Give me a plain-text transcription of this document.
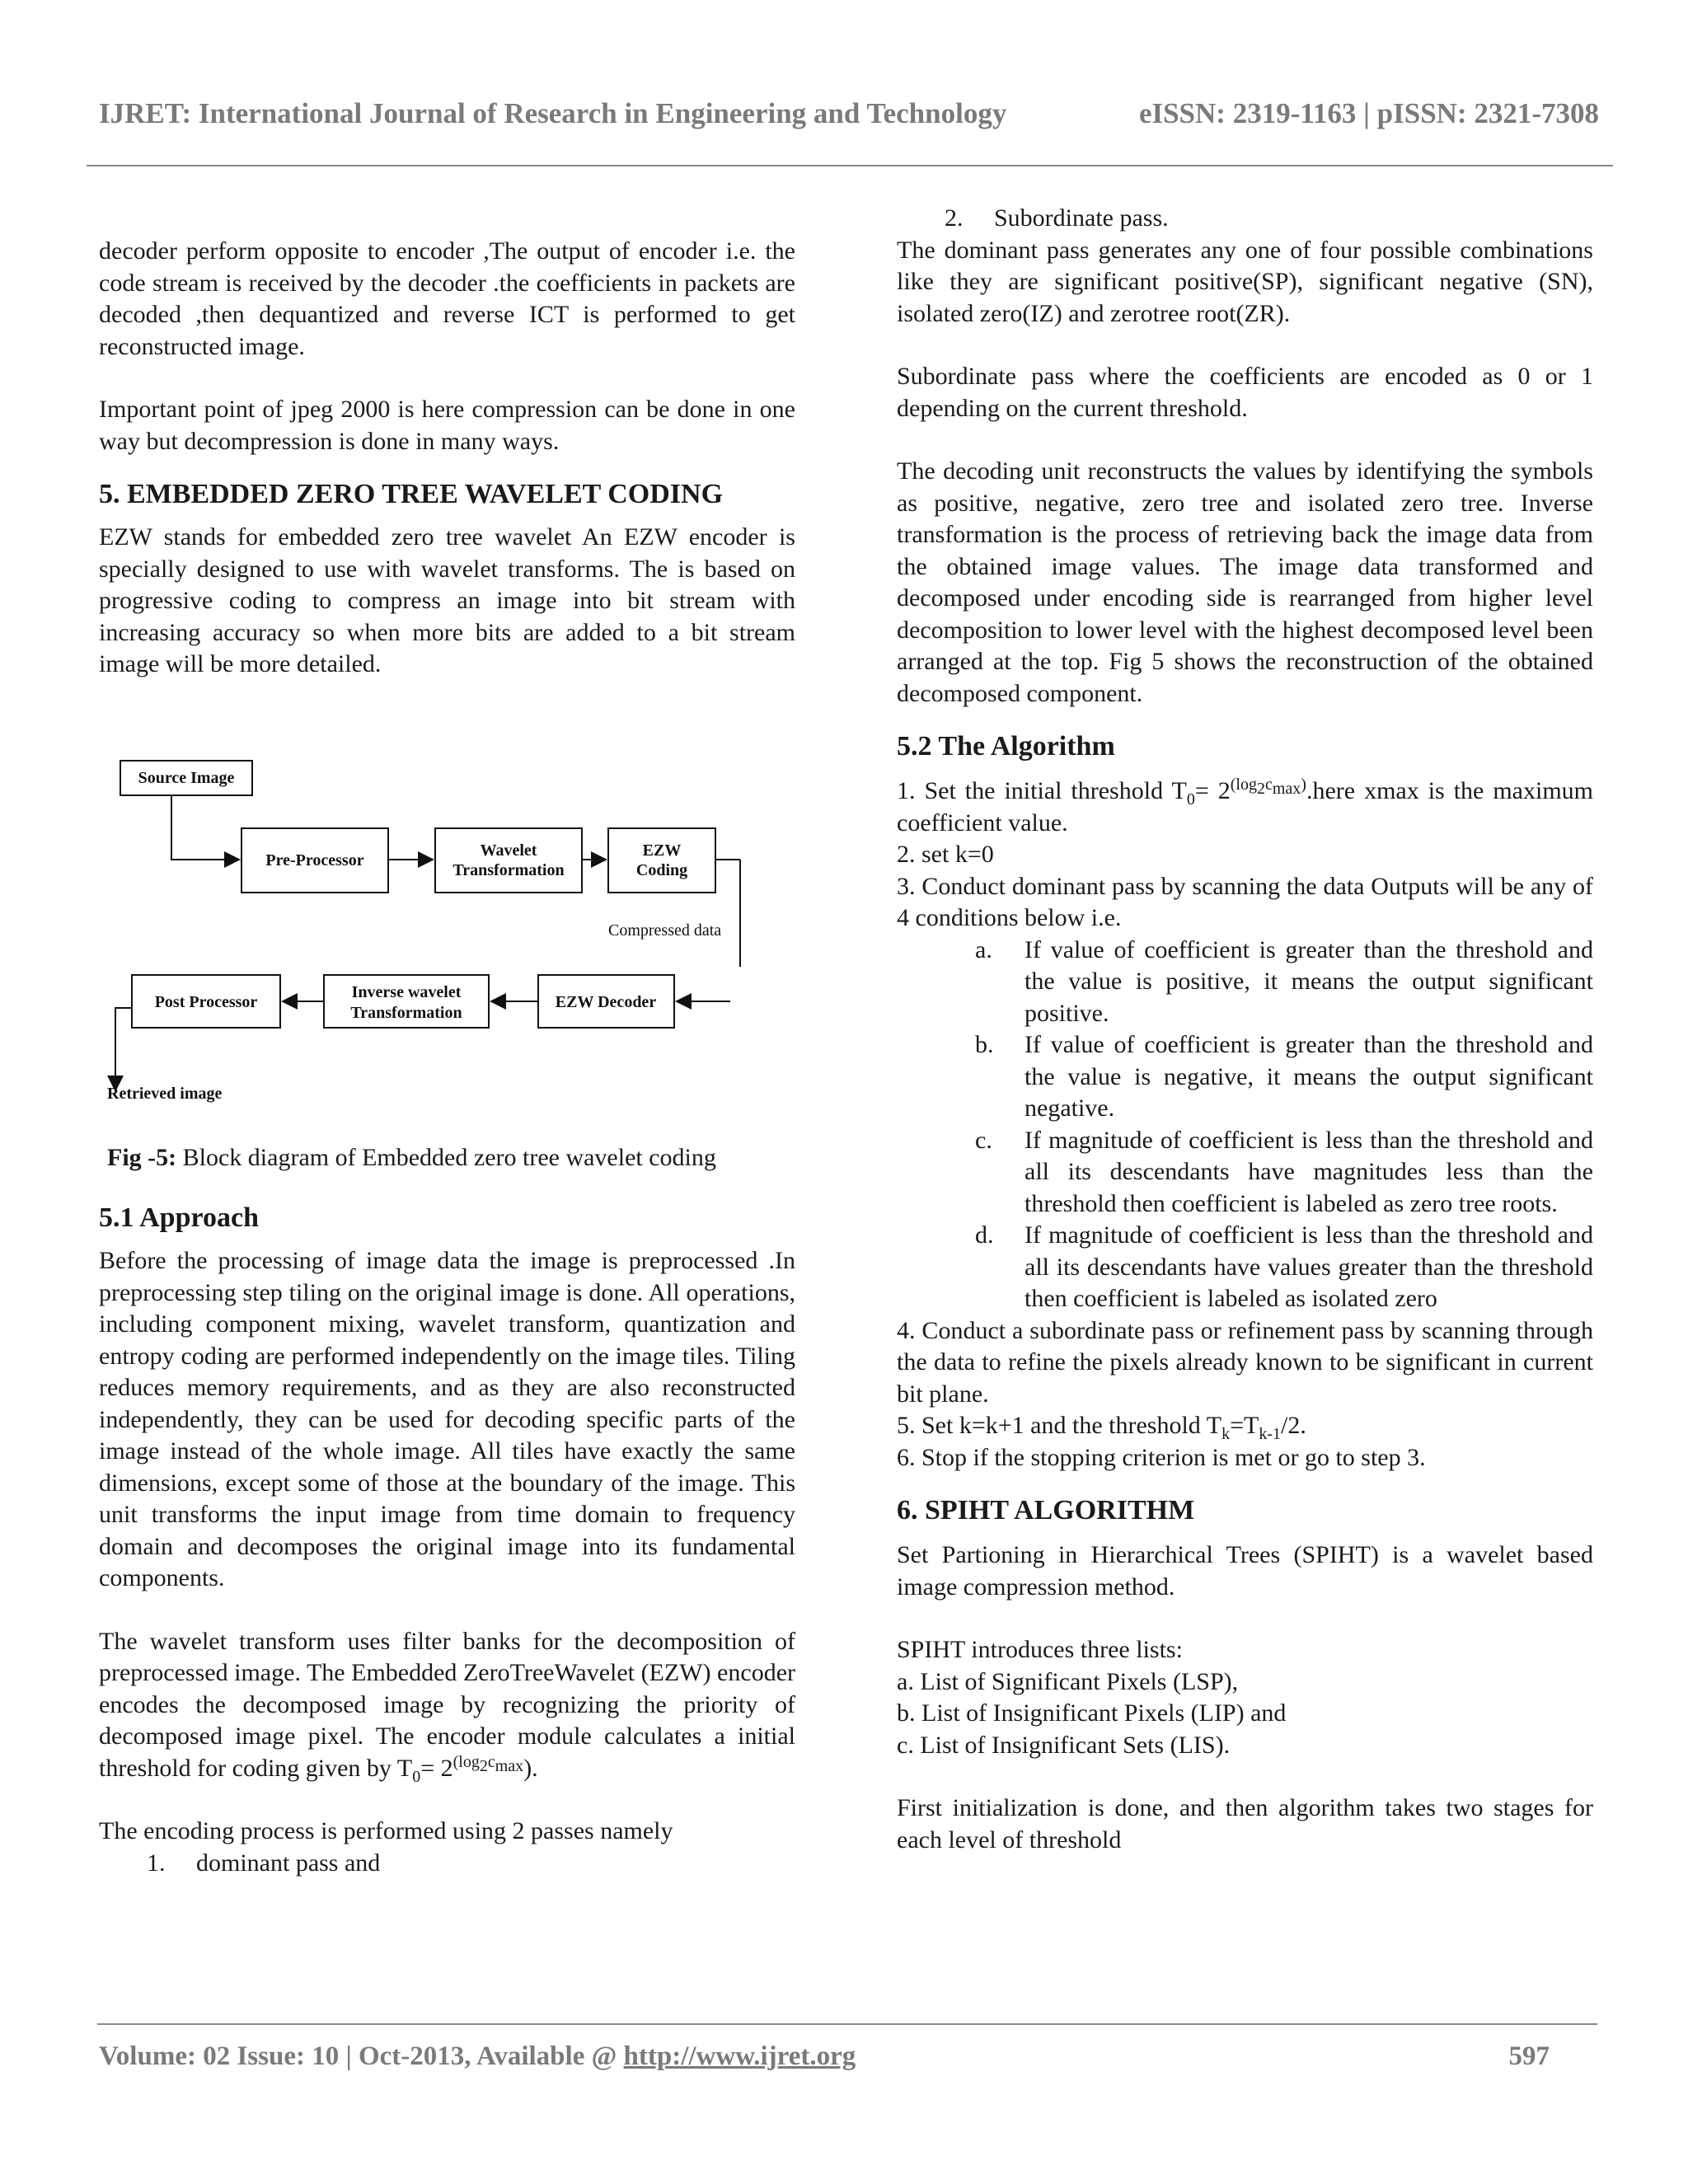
IJRET: International Journal of Research in Engineering and Technology	eISSN: 2319-1163 | pISSN: 2321-7308

decoder perform opposite to encoder ,The output of encoder i.e. the code stream is received by the decoder .the coefficients in packets are decoded ,then dequantized and reverse ICT is performed to get reconstructed image.

Important point of jpeg 2000 is here compression can be done in one way but decompression is done in many ways.

5. EMBEDDED ZERO TREE WAVELET CODING

EZW stands for embedded zero tree wavelet An EZW encoder is specially designed to use with wavelet transforms. The is based on progressive coding to compress an image into bit stream with increasing accuracy so when more bits are added to a bit stream image will be more detailed.

Source Image
Pre-Processor
Wavelet
Transformation
EZW
Coding
Compressed data
Post Processor
Inverse wavelet
Transformation
EZW Decoder
Retrieved image
Fig -5: Block diagram of Embedded zero tree wavelet coding
5.1 Approach

Before the processing of image data the image is preprocessed .In preprocessing step tiling on the original image is done. All operations, including component mixing, wavelet transform, quantization and entropy coding are performed independently on the image tiles. Tiling reduces memory requirements, and as they are also reconstructed independently, they can be used for decoding specific parts of the image instead of the whole image. All tiles have exactly the same dimensions, except some of those at the boundary of the image. This unit transforms the input image from time domain to frequency domain and decomposes the original image into its fundamental components.

The wavelet transform uses filter banks for the decomposition of preprocessed image. The Embedded ZeroTreeWavelet (EZW) encoder encodes the decomposed image by recognizing the priority of decomposed image pixel. The encoder module calculates a initial threshold for coding given by $T_0= 2^{(log_2c_{max}}$).

The encoding process is performed using 2 passes namely

1.	dominant pass and
2.	Subordinate pass.

The dominant pass generates any one of four possible combinations like they are significant positive(SP), significant negative (SN), isolated zero(IZ) and zerotree root(ZR).

Subordinate pass where the coefficients are encoded as 0 or 1 depending on the current threshold.

The decoding unit reconstructs the values by identifying the symbols as positive, negative, zero tree and isolated zero tree. Inverse transformation is the process of retrieving back the image data from the obtained image values. The image data transformed and decomposed under encoding side is rearranged from higher level decomposition to lower level with the highest decomposed level been arranged at the top. Fig 5 shows the reconstruction of the obtained decomposed component.

5.2 The Algorithm

1. Set the initial threshold $T_0=$ $2^{(log_2c_{max})}.here$ xmax is the maximum coefficient value.

2. set k=0

3. Conduct dominant pass by scanning the data Outputs will be any of 4 conditions below i.e.

a.	If value of coefficient is greater than the threshold and the value is positive, it means the output significant positive.
b.	If value of coefficient is greater than the threshold and the value is negative, it means the output significant negative.
c.	If magnitude of coefficient is less than the threshold and all its descendants have magnitudes less than the threshold then coefficient is labeled as zero tree roots.
d.	If magnitude of coefficient is less than the threshold and all its descendants have values greater than the threshold then coefficient is labeled as isolated zero

4. Conduct a subordinate pass or refinement pass by scanning through the data to refine the pixels already known to be significant in current bit plane.

5. Set k=k+1 and the threshold $T_k=T_{k-1}/2$.

6. Stop if the stopping criterion is met or go to step 3.

6. SPIHT ALGORITHM

Set Partioning in Hierarchical Trees (SPIHT) is a wavelet based image compression method.

SPIHT introduces three lists:

a. List of Significant Pixels (LSP),

b. List of Insignificant Pixels (LIP) and

c. List of Insignificant Sets (LIS).

First initialization is done, and then algorithm takes two stages for each level of threshold

Volume: 02 Issue: 10 | Oct-2013, Available @ http://www.ijret.org	597
